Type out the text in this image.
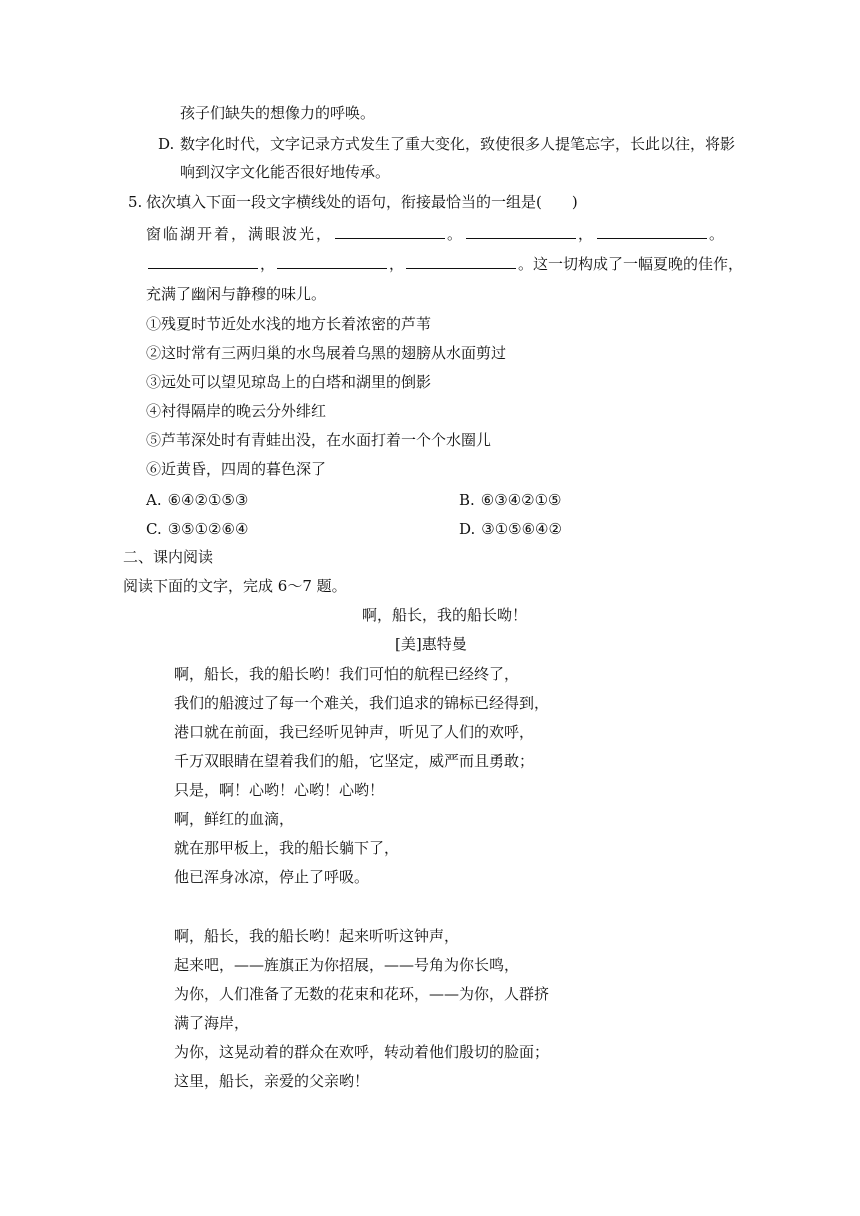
孩子们缺失的想像力的呼唤。
D. 数字化时代，文字记录方式发生了重大变化，致使很多人提笔忘字，长此以往，将影
响到汉字文化能否很好地传承。
5. 依次填入下面一段文字横线处的语句，衔接最恰当的一组是(　　)
窗临湖开着，满眼波光，	。	，	。
，	，	。这一切构成了一幅夏晚的佳作，
充满了幽闲与静穆的味儿。
①残夏时节近处水浅的地方长着浓密的芦苇
②这时常有三两归巢的水鸟展着乌黑的翅膀从水面剪过
③远处可以望见琼岛上的白塔和湖里的倒影
④衬得隔岸的晚云分外绯红
⑤芦苇深处时有青蛙出没，在水面打着一个个水圈儿
⑥近黄昏，四周的暮色深了
A. ⑥④②①⑤③	B. ⑥③④②①⑤
C. ③⑤①②⑥④	D. ③①⑤⑥④②
二、课内阅读
阅读下面的文字，完成 6～7 题。
啊，船长，我的船长呦！
[美]惠特曼
啊，船长，我的船长哟！我们可怕的航程已经终了，
我们的船渡过了每一个难关，我们追求的锦标已经得到，
港口就在前面，我已经听见钟声，听见了人们的欢呼，
千万双眼睛在望着我们的船，它坚定，威严而且勇敢；
只是，啊！心哟！心哟！心哟！
啊，鲜红的血滴，
就在那甲板上，我的船长躺下了，
他已浑身冰凉，停止了呼吸。
啊，船长，我的船长哟！起来听听这钟声，
起来吧，——旌旗正为你招展，——号角为你长鸣，
为你，人们准备了无数的花束和花环，——为你，人群挤
满了海岸，
为你，这晃动着的群众在欢呼，转动着他们殷切的脸面；
这里，船长，亲爱的父亲哟！
